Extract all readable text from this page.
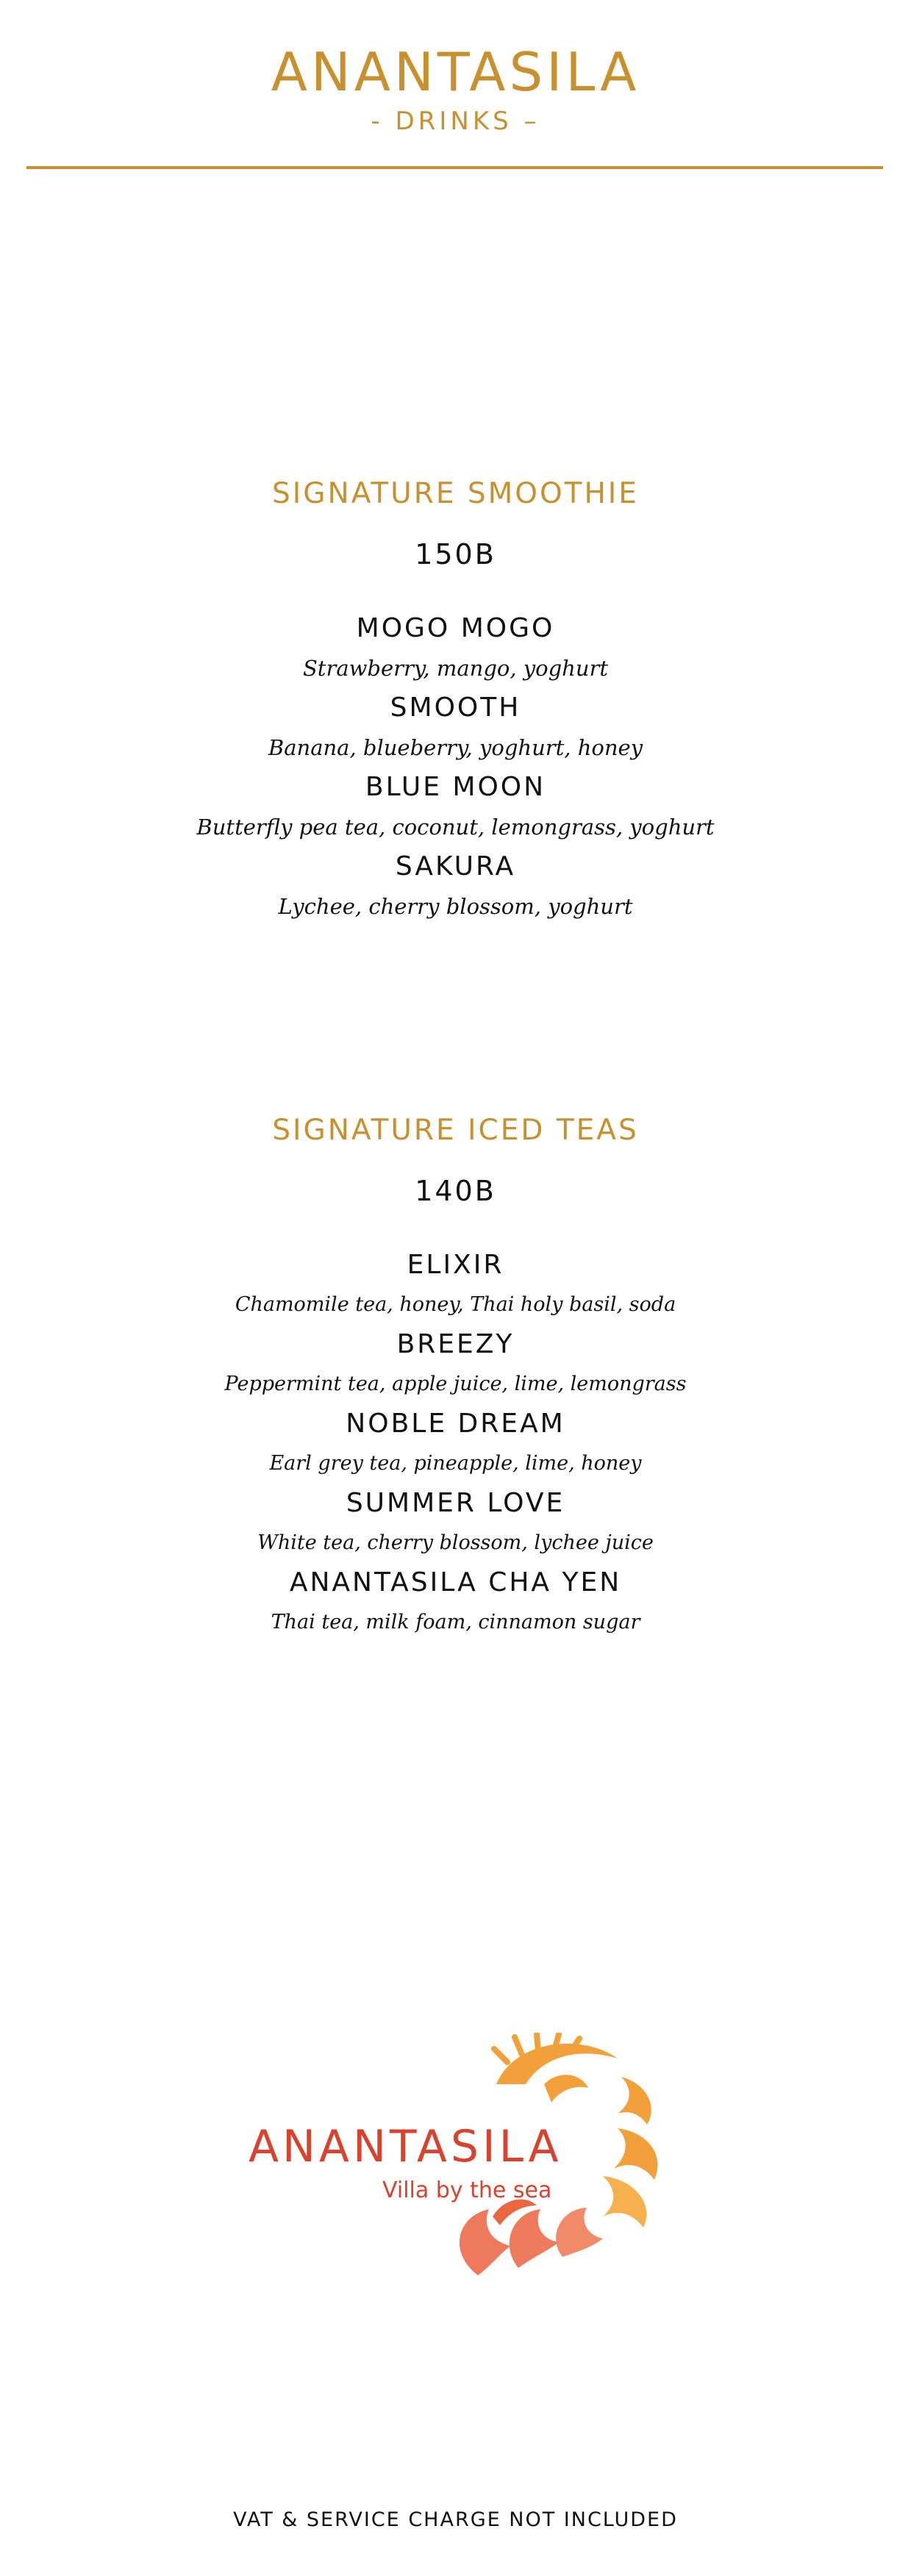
ANANTASILA
- DRINKS –
SIGNATURE SMOOTHIE
150B
MOGO MOGO
Strawberry, mango, yoghurt
SMOOTH
Banana, blueberry, yoghurt, honey
BLUE MOON
Butterfly pea tea, coconut, lemongrass, yoghurt
SAKURA
Lychee, cherry blossom, yoghurt
SIGNATURE ICED TEAS
140B
ELIXIR
Chamomile tea, honey, Thai holy basil, soda
BREEZY
Peppermint tea, apple juice, lime, lemongrass
NOBLE DREAM
Earl grey tea, pineapple, lime, honey
SUMMER LOVE
White tea, cherry blossom, lychee juice
ANANTASILA CHA YEN
Thai tea, milk foam, cinnamon sugar
ANANTASILA
Villa by the sea
VAT & SERVICE CHARGE NOT INCLUDED
